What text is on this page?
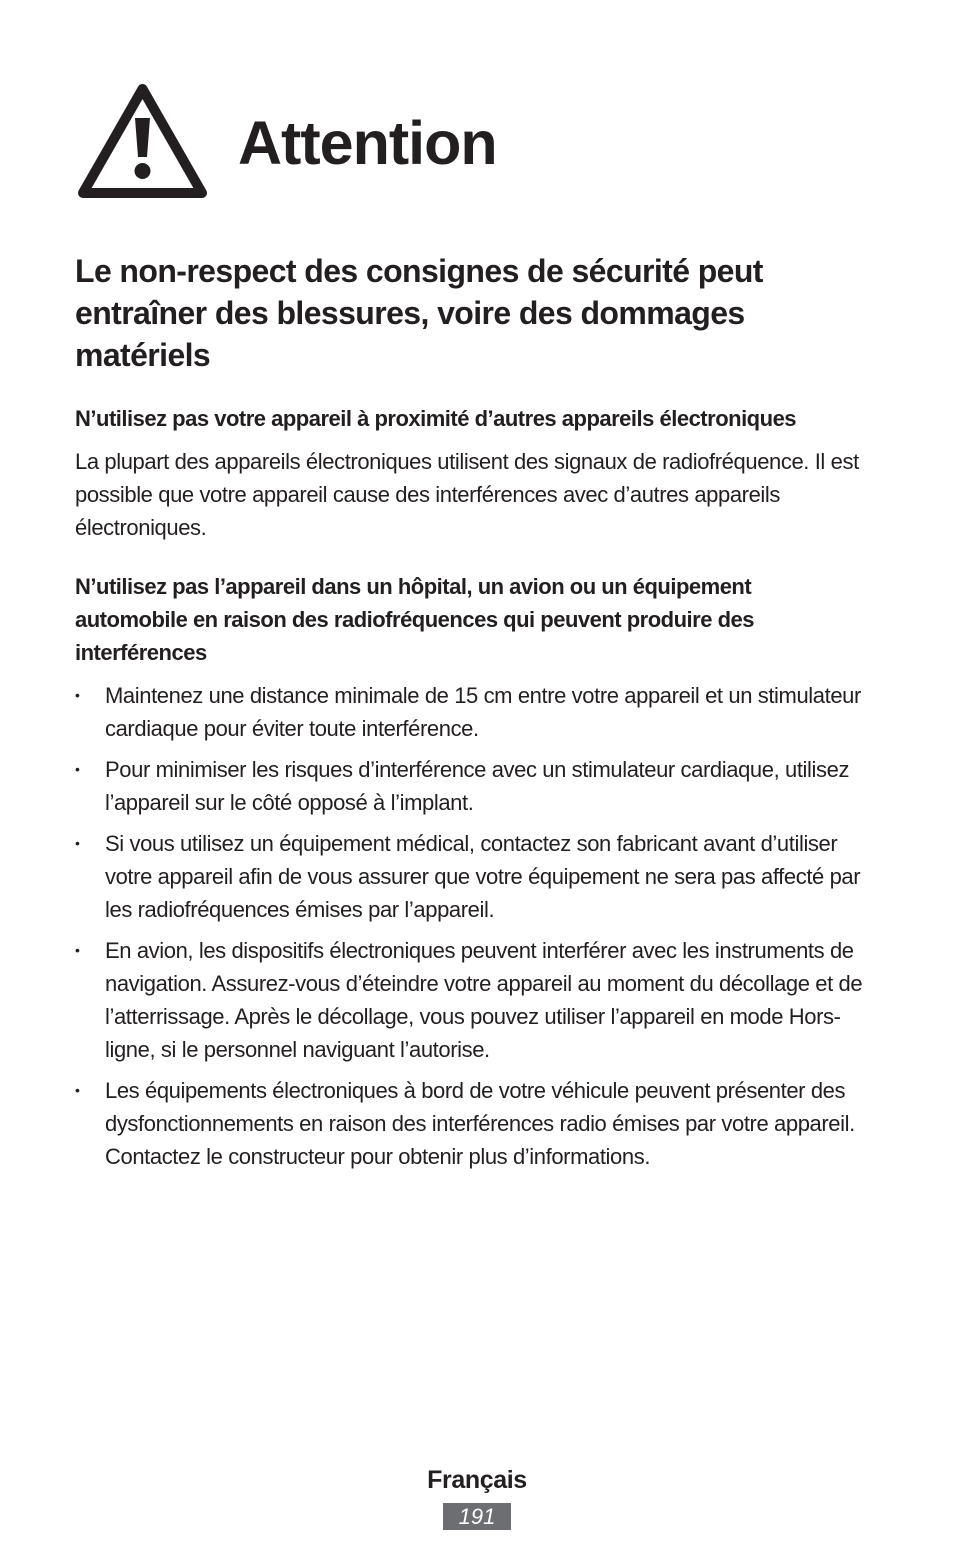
Attention
Le non-respect des consignes de sécurité peut entraîner des blessures, voire des dommages matériels
N’utilisez pas votre appareil à proximité d’autres appareils électroniques

La plupart des appareils électroniques utilisent des signaux de radiofréquence. Il est possible que votre appareil cause des interférences avec d’autres appareils électroniques.

N’utilisez pas l’appareil dans un hôpital, un avion ou un équipement automobile en raison des radiofréquences qui peuvent produire des interférences
• Maintenez une distance minimale de 15 cm entre votre appareil et un stimulateur cardiaque pour éviter toute interférence.
• Pour minimiser les risques d’interférence avec un stimulateur cardiaque, utilisez l’appareil sur le côté opposé à l’implant.
• Si vous utilisez un équipement médical, contactez son fabricant avant d’utiliser votre appareil afin de vous assurer que votre équipement ne sera pas affecté par les radiofréquences émises par l’appareil.
• En avion, les dispositifs électroniques peuvent interférer avec les instruments de navigation. Assurez-vous d’éteindre votre appareil au moment du décollage et de l’atterrissage. Après le décollage, vous pouvez utiliser l’appareil en mode Hors-ligne, si le personnel naviguant l’autorise.
• Les équipements électroniques à bord de votre véhicule peuvent présenter des dysfonctionnements en raison des interférences radio émises par votre appareil. Contactez le constructeur pour obtenir plus d’informations.
Français
191
